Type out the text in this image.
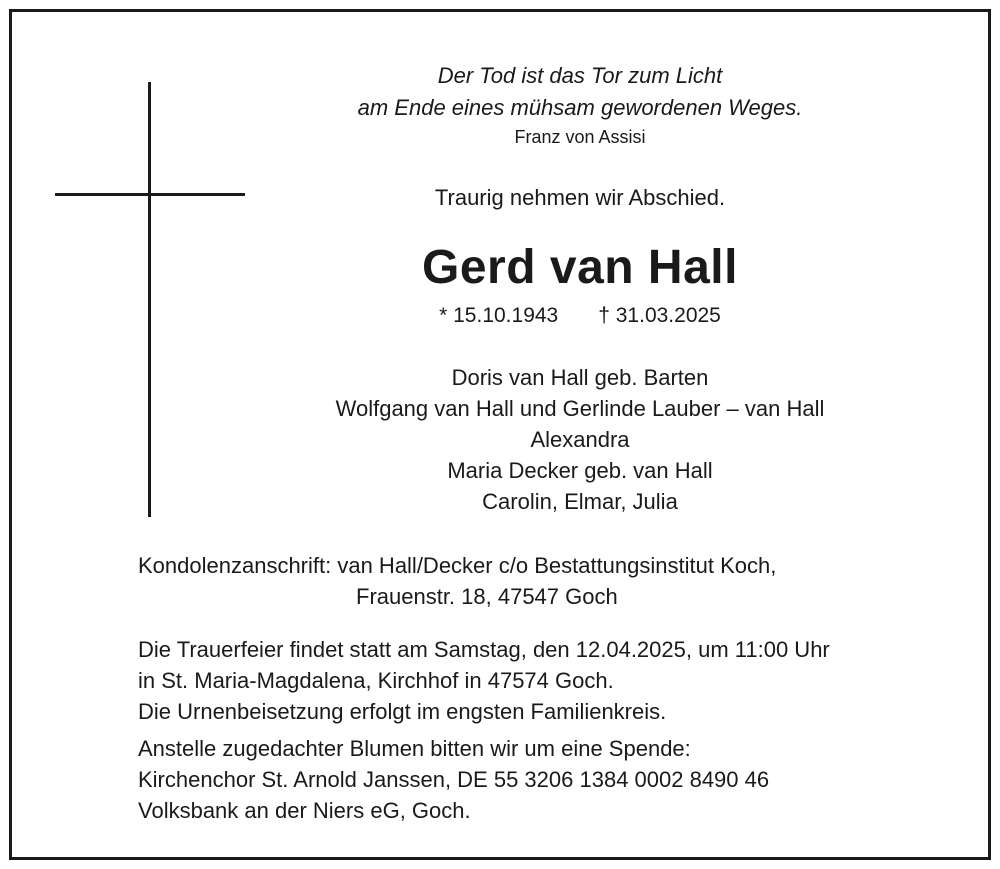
Der Tod ist das Tor zum Licht
am Ende eines mühsam gewordenen Weges.
Franz von Assisi
Traurig nehmen wir Abschied.
Gerd van Hall
* 15.10.1943 † 31.03.2025
Doris van Hall geb. Barten
Wolfgang van Hall und Gerlinde Lauber – van Hall
Alexandra
Maria Decker geb. van Hall
Carolin, Elmar, Julia
Kondolenzanschrift: van Hall/Decker c/o Bestattungsinstitut Koch,
Frauenstr. 18, 47547 Goch
Die Trauerfeier findet statt am Samstag, den 12.04.2025, um 11:00 Uhr
in St. Maria-Magdalena, Kirchhof in 47574 Goch.
Die Urnenbeisetzung erfolgt im engsten Familienkreis.
Anstelle zugedachter Blumen bitten wir um eine Spende:
Kirchenchor St. Arnold Janssen, DE 55 3206 1384 0002 8490 46
Volksbank an der Niers eG, Goch.
